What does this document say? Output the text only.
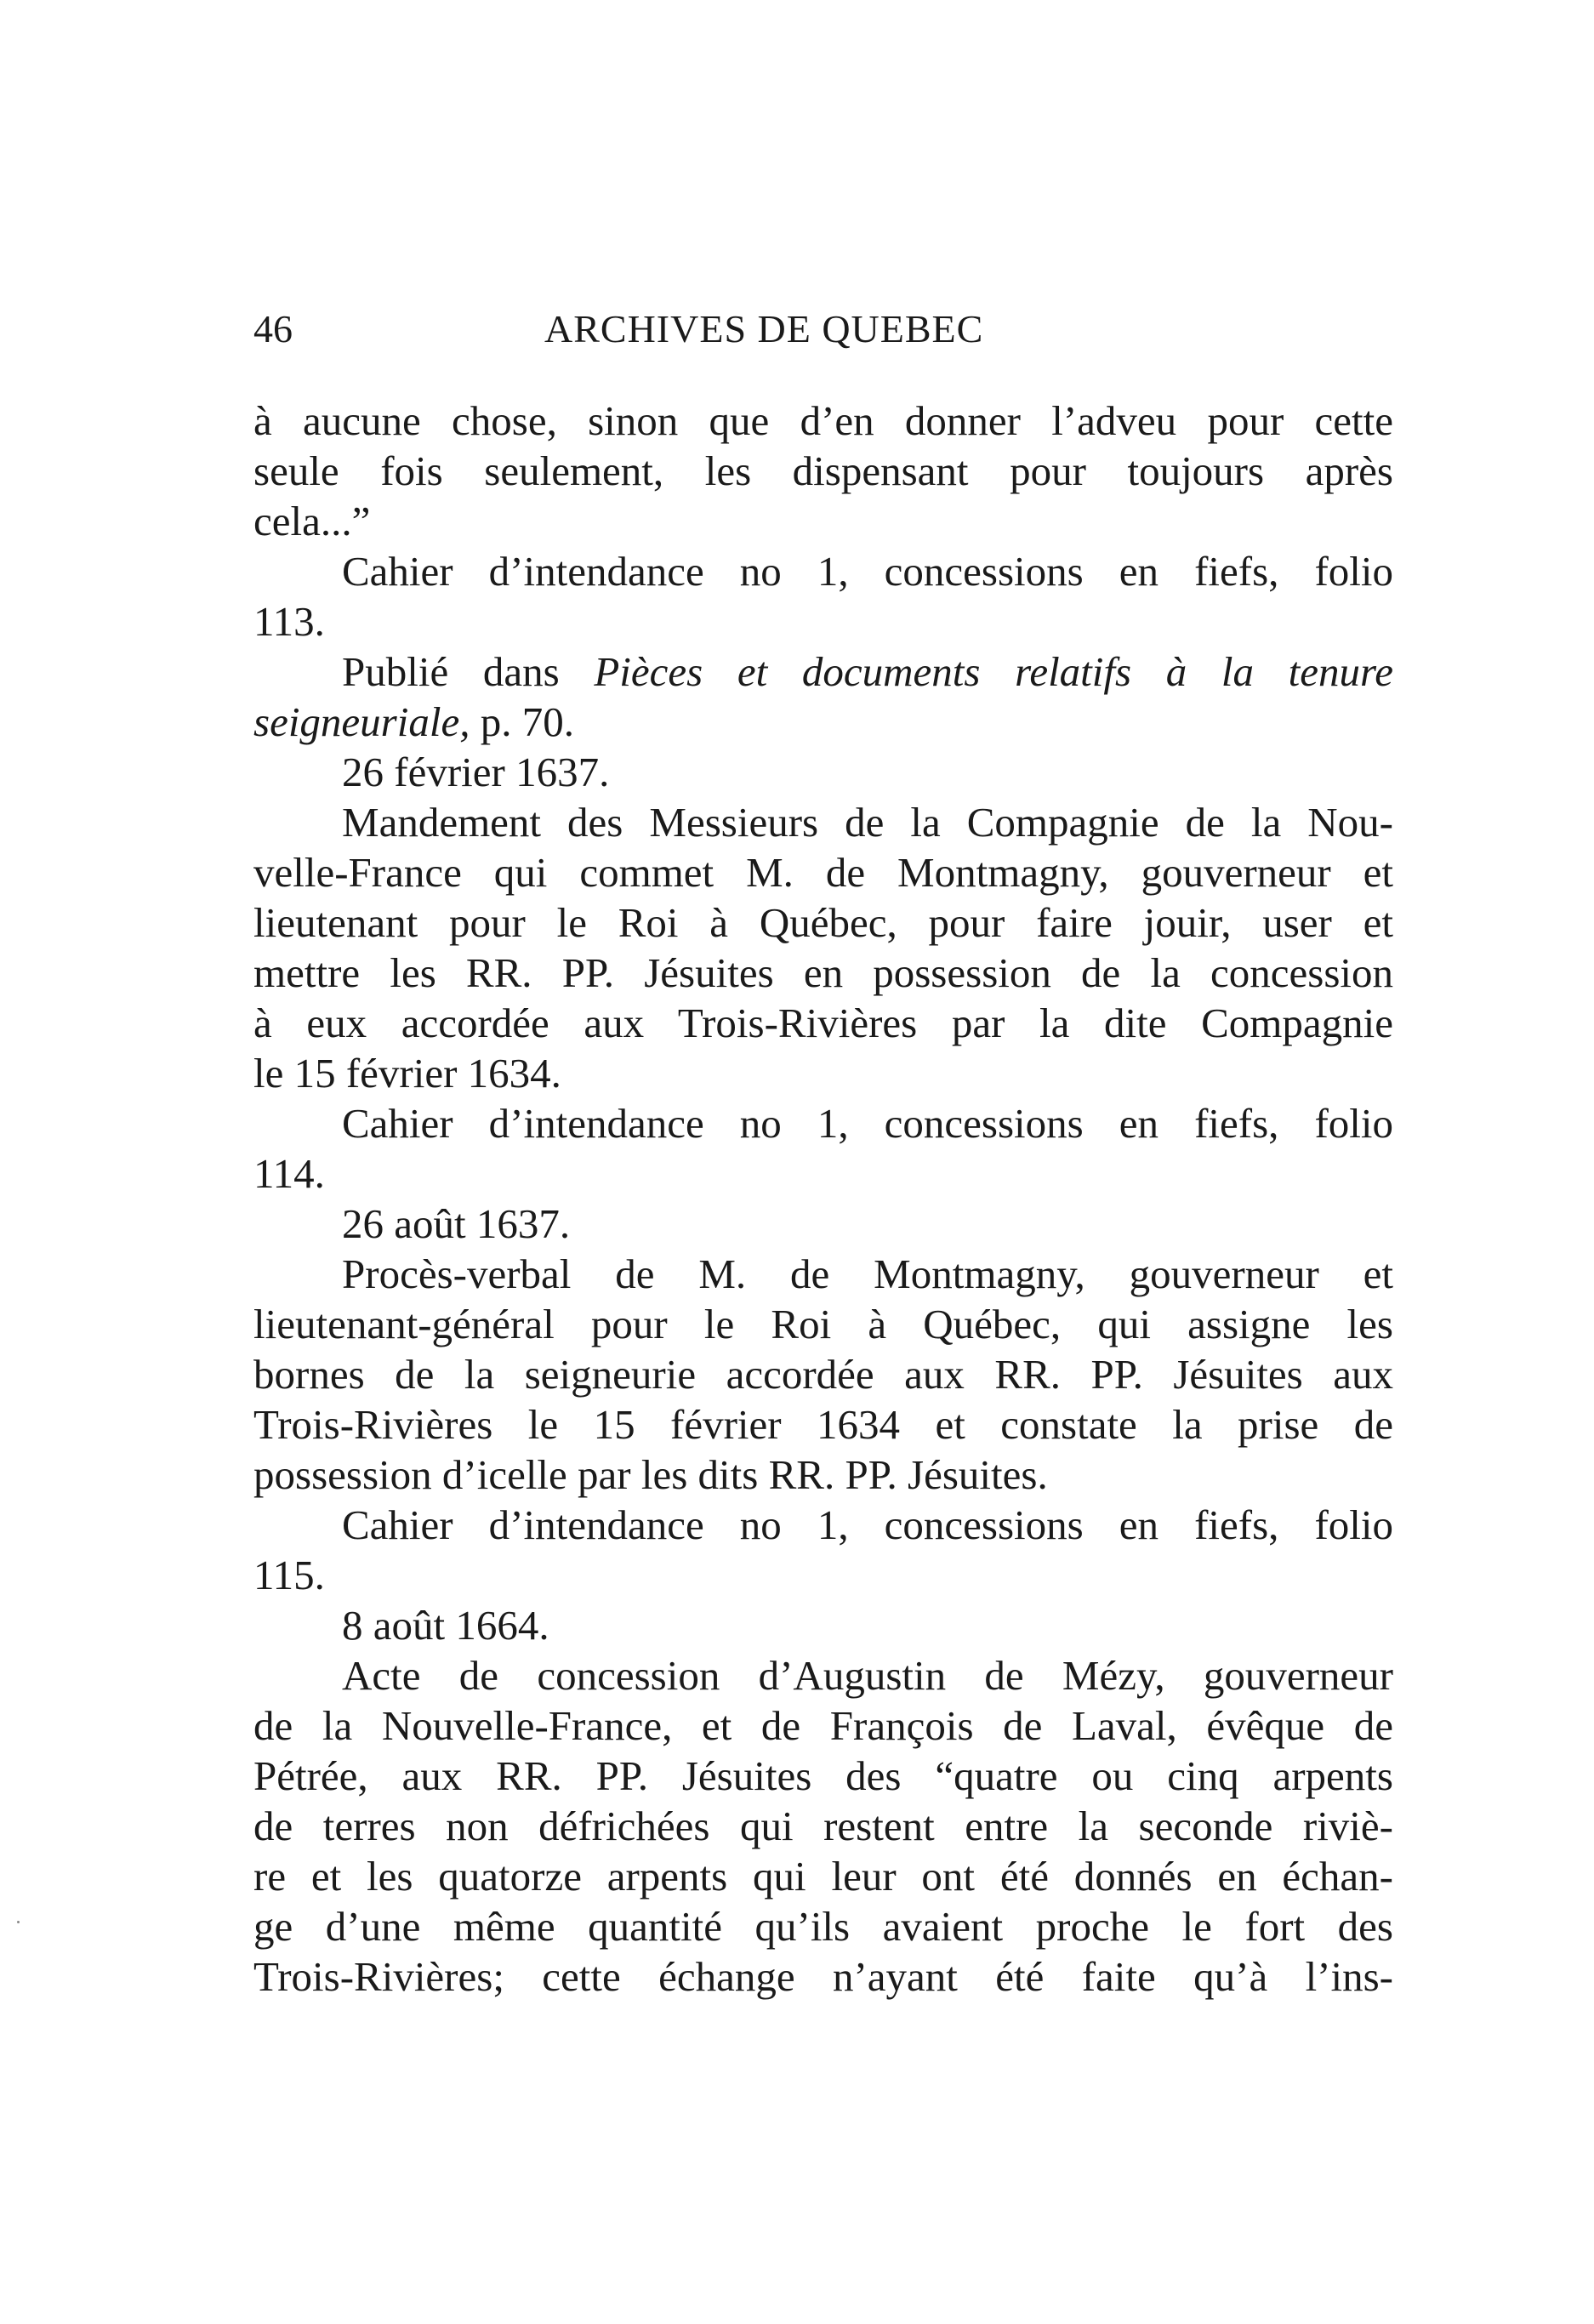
46	ARCHIVES DE QUEBEC
à aucune chose, sinon que d’en donner l’adveu pour cette
seule fois seulement, les dispensant pour toujours après
cela...”
Cahier d’intendance no 1, concessions en fiefs, folio
113.
Publié dans Pièces et documents relatifs à la tenure
seigneuriale, p. 70.
26 février 1637.
Mandement des Messieurs de la Compagnie de la Nou-
velle-France qui commet M. de Montmagny, gouverneur et
lieutenant pour le Roi à Québec, pour faire jouir, user et
mettre les RR. PP. Jésuites en possession de la concession
à eux accordée aux Trois-Rivières par la dite Compagnie
le 15 février 1634.
Cahier d’intendance no 1, concessions en fiefs, folio
114.
26 août 1637.
Procès-verbal de M. de Montmagny, gouverneur et
lieutenant-général pour le Roi à Québec, qui assigne les
bornes de la seigneurie accordée aux RR. PP. Jésuites aux
Trois-Rivières le 15 février 1634 et constate la prise de
possession d’icelle par les dits RR. PP. Jésuites.
Cahier d’intendance no 1, concessions en fiefs, folio
115.
8 août 1664.
Acte de concession d’Augustin de Mézy, gouverneur
de la Nouvelle-France, et de François de Laval, évêque de
Pétrée, aux RR. PP. Jésuites des “quatre ou cinq arpents
de terres non défrichées qui restent entre la seconde riviè-
re et les quatorze arpents qui leur ont été donnés en échan-
ge d’une même quantité qu’ils avaient proche le fort des
Trois-Rivières; cette échange n’ayant été faite qu’à l’ins-
